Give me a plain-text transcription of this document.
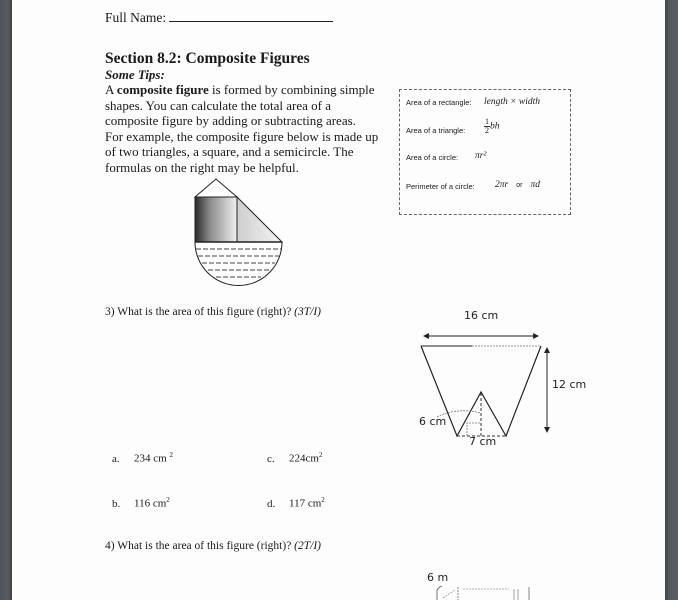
Full Name:
Section 8.2: Composite Figures
Some Tips:

A composite figure is formed by combining simple

shapes. You can calculate the total area of a

composite figure by adding or subtracting areas.

For example, the composite figure below is made up

of two triangles, a square, and a semicircle. The

formulas on the right may be helpful.

Area of a rectangle: length × width
Area of a triangle: $\frac{1}{2}$ bh
Area of a circle: πr²
Perimeter of a circle: 2πr or πd
3) What is the area of this figure (right)? (3T/I)	16 cm
12 cm
6 cm
7 cm
a. 234 cm $^2$	c. $224cm^2$
b. 116 $cm^2$	d. 117 $cm^2$
4) What is the area of this figure (right)? (2T/I)
6 m
